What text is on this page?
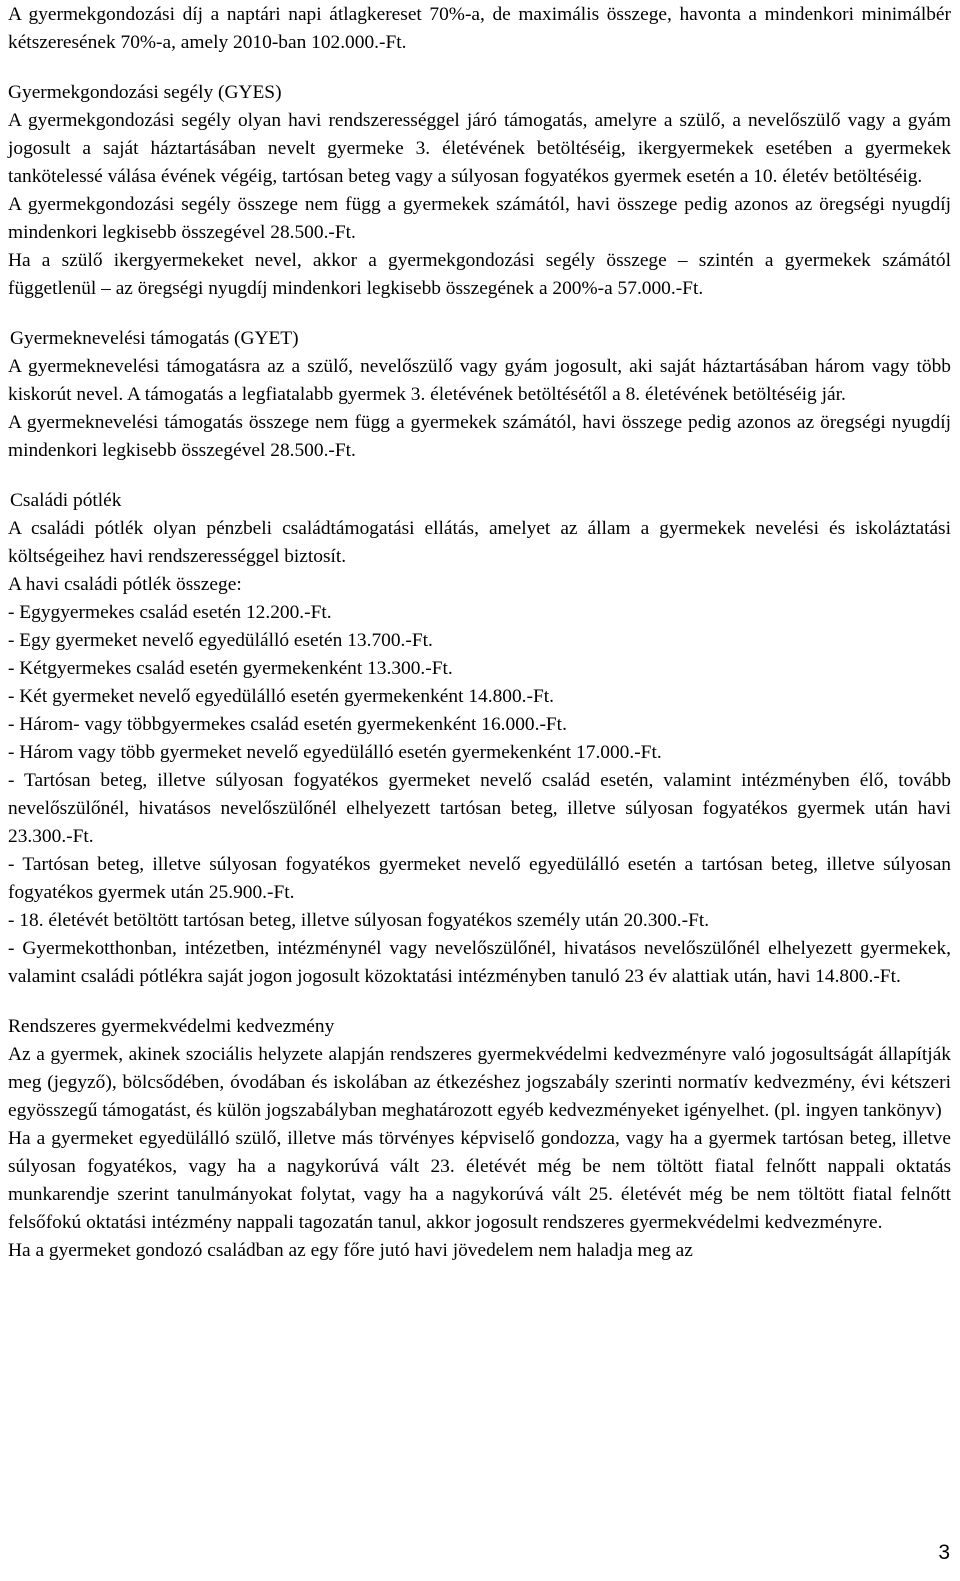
A gyermekgondozási díj a naptári napi átlagkereset 70%-a, de maximális összege, havonta a mindenkori minimálbér kétszeresének 70%-a, amely 2010-ban 102.000.-Ft.

Gyermekgondozási segély (GYES)

A gyermekgondozási segély olyan havi rendszerességgel járó támogatás, amelyre a szülő, a nevelőszülő vagy a gyám jogosult a saját háztartásában nevelt gyermeke 3. életévének betöltéséig, ikergyermekek esetében a gyermekek tankötelessé válása évének végéig, tartósan beteg vagy a súlyosan fogyatékos gyermek esetén a 10. életév betöltéséig.

A gyermekgondozási segély összege nem függ a gyermekek számától, havi összege pedig azonos az öregségi nyugdíj mindenkori legkisebb összegével 28.500.-Ft.

Ha a szülő ikergyermekeket nevel, akkor a gyermekgondozási segély összege – szintén a gyermekek számától függetlenül – az öregségi nyugdíj mindenkori legkisebb összegének a 200%-a 57.000.-Ft.

Gyermeknevelési támogatás (GYET)

A gyermeknevelési támogatásra az a szülő, nevelőszülő vagy gyám jogosult, aki saját háztartásában három vagy több kiskorút nevel. A támogatás a legfiatalabb gyermek 3. életévének betöltésétől a 8. életévének betöltéséig jár.

A gyermeknevelési támogatás összege nem függ a gyermekek számától, havi összege pedig azonos az öregségi nyugdíj mindenkori legkisebb összegével 28.500.-Ft.

Családi pótlék

A családi pótlék olyan pénzbeli családtámogatási ellátás, amelyet az állam a gyermekek nevelési és iskoláztatási költségeihez havi rendszerességgel biztosít.

A havi családi pótlék összege:

- Egygyermekes család esetén 12.200.-Ft.

- Egy gyermeket nevelő egyedülálló esetén 13.700.-Ft.

- Kétgyermekes család esetén gyermekenként 13.300.-Ft.

- Két gyermeket nevelő egyedülálló esetén gyermekenként 14.800.-Ft.

- Három- vagy többgyermekes család esetén gyermekenként 16.000.-Ft.

- Három vagy több gyermeket nevelő egyedülálló esetén gyermekenként 17.000.-Ft.

- Tartósan beteg, illetve súlyosan fogyatékos gyermeket nevelő család esetén, valamint intézményben élő, tovább nevelőszülőnél, hivatásos nevelőszülőnél elhelyezett tartósan beteg, illetve súlyosan fogyatékos gyermek után havi 23.300.-Ft.

- Tartósan beteg, illetve súlyosan fogyatékos gyermeket nevelő egyedülálló esetén a tartósan beteg, illetve súlyosan fogyatékos gyermek után 25.900.-Ft.

- 18. életévét betöltött tartósan beteg, illetve súlyosan fogyatékos személy után 20.300.-Ft.

- Gyermekotthonban, intézetben, intézménynél vagy nevelőszülőnél, hivatásos nevelőszülőnél elhelyezett gyermekek, valamint családi pótlékra saját jogon jogosult közoktatási intézményben tanuló 23 év alattiak után, havi 14.800.-Ft.

Rendszeres gyermekvédelmi kedvezmény

Az a gyermek, akinek szociális helyzete alapján rendszeres gyermekvédelmi kedvezményre való jogosultságát állapítják meg (jegyző), bölcsődében, óvodában és iskolában az étkezéshez jogszabály szerinti normatív kedvezmény, évi kétszeri egyösszegű támogatást, és külön jogszabályban meghatározott egyéb kedvezményeket igényelhet. (pl. ingyen tankönyv)

Ha a gyermeket egyedülálló szülő, illetve más törvényes képviselő gondozza, vagy ha a gyermek tartósan beteg, illetve súlyosan fogyatékos, vagy ha a nagykorúvá vált 23. életévét még be nem töltött fiatal felnőtt nappali oktatás munkarendje szerint tanulmányokat folytat, vagy ha a nagykorúvá vált 25. életévét még be nem töltött fiatal felnőtt felsőfokú oktatási intézmény nappali tagozatán tanul, akkor jogosult rendszeres gyermekvédelmi kedvezményre.

Ha a gyermeket gondozó családban az egy főre jutó havi jövedelem nem haladja meg az

3
